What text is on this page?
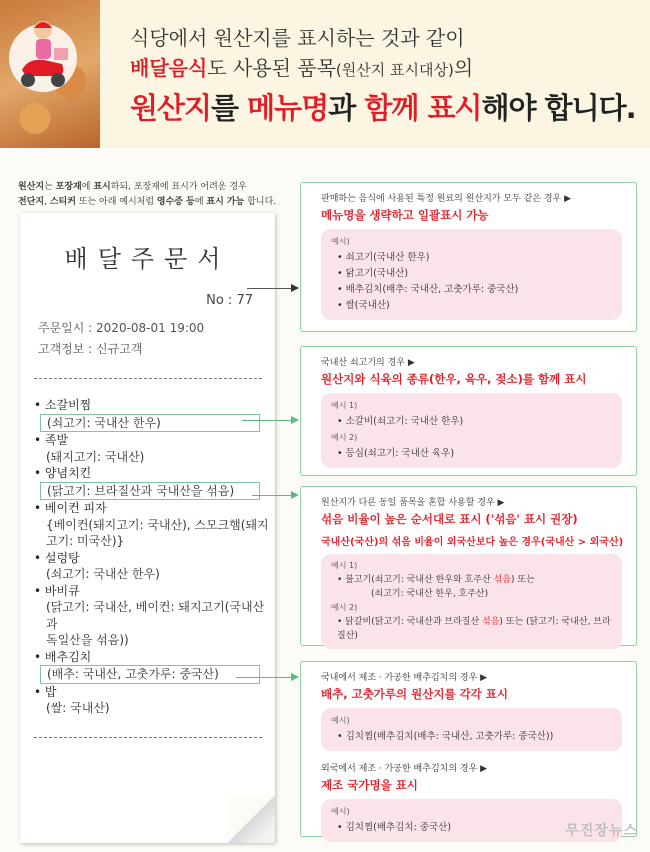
식당에서 원산지를 표시하는 것과 같이
배달음식도 사용된 품목(원산지 표시대상)의
원산지를 메뉴명과 함께 표시해야 합니다.
원산지는 포장재에 표시하되, 포장재에 표시가 어려운 경우
전단지, 스티커 또는 아래 예시처럼 영수증 등에 표시 가능 합니다.
배달주문서
No : 77
주문일시 : 2020-08-01 19:00
고객정보 : 신규고객
• 소갈비찜
(쇠고기: 국내산 한우)
• 족발
(돼지고기: 국내산)
• 양념치킨
(닭고기: 브라질산과 국내산을 섞음)
• 베이컨 피자
{베이컨(돼지고기: 국내산), 스모크햄(돼지
고기: 미국산)}
• 설렁탕
(쇠고기: 국내산 한우)
• 바비큐
(닭고기: 국내산, 베이컨: 돼지고기(국내산과
독일산을 섞음))
• 배추김치
(배추: 국내산, 고춧가루: 중국산)
• 밥
(쌀: 국내산)
판매하는 음식에 사용된 특정 원료의 원산지가 모두 같은 경우 ▶
메뉴명을 생략하고 일괄표시 가능
예시)
• 쇠고기(국내산 한우)
• 닭고기(국내산)
• 배추김치(배추: 국내산, 고춧가루: 중국산)
• 쌀(국내산)
국내산 쇠고기의 경우 ▶
원산지와 식육의 종류(한우, 육우, 젖소)를 함께 표시
예시 1)
• 소갈비(쇠고기: 국내산 한우)
예시 2)
• 등심(쇠고기: 국내산 육우)
원산지가 다른 동일 품목을 혼합 사용할 경우 ▶
섞음 비율이 높은 순서대로 표시 ('섞음' 표시 권장)
국내산(국산)의 섞음 비율이 외국산보다 높은 경우(국내산 > 외국산)
예시 1)
• 불고기(쇠고기: 국내산 한우와 호주산 섞음) 또는
(쇠고기: 국내산 한우, 호주산)
예시 2)
• 닭갈비(닭고기: 국내산과 브라질산 섞음) 또는 (닭고기: 국내산, 브라질산)
국내에서 제조 · 가공한 배추김치의 경우 ▶
배추, 고춧가루의 원산지를 각각 표시
예시)
• 김치찜(배추김치(배추: 국내산, 고춧가루: 중국산))
외국에서 제조 · 가공한 배추김치의 경우 ▶
제조 국가명을 표시
예시)
• 김치찜(배추김치: 중국산)	무진장뉴스
